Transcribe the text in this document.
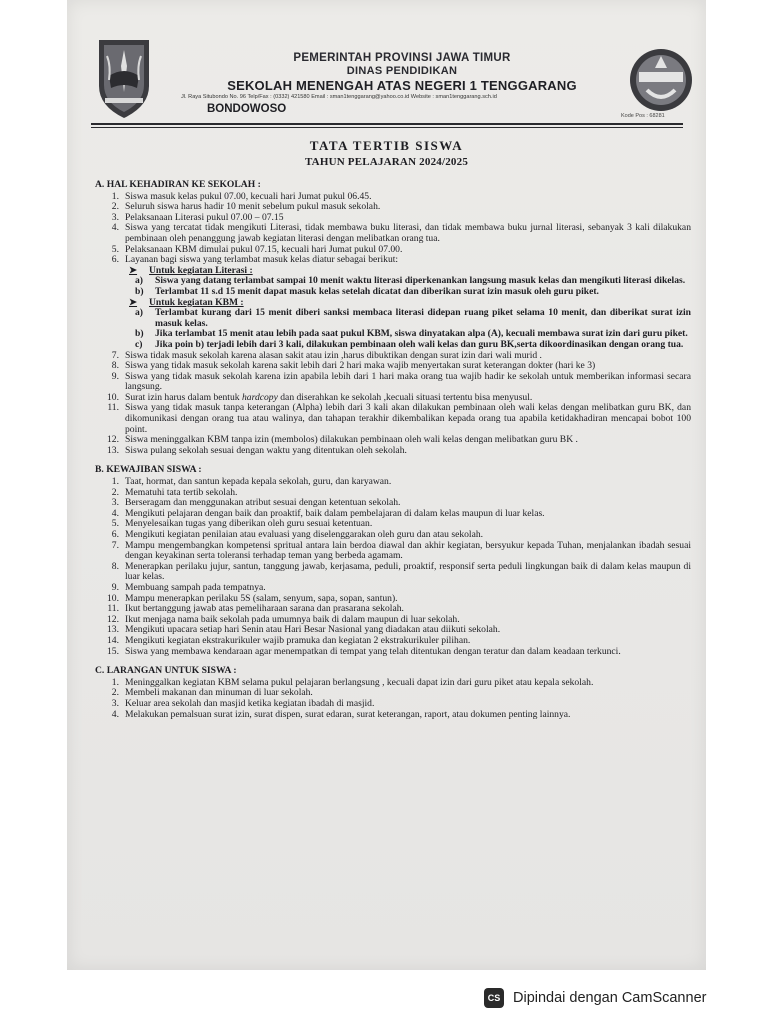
PEMERINTAH PROVINSI JAWA TIMUR
DINAS PENDIDIKAN
SEKOLAH MENENGAH ATAS NEGERI 1 TENGGARANG
Jl. Raya Situbondo No. 96 Telp/Fax : (0332) 421580 Email : sman1tenggarang@yahoo.co.id Website : sman1tenggarang.sch.id
BONDOWOSO
Kode Pos : 68281
TATA TERTIB SISWA
TAHUN PELAJARAN 2024/2025
A. HAL KEHADIRAN KE SEKOLAH :
1. Siswa masuk kelas pukul 07.00, kecuali hari Jumat pukul 06.45.
2. Seluruh siswa harus hadir 10 menit sebelum pukul masuk sekolah.
3. Pelaksanaan Literasi pukul 07.00 – 07.15
4. Siswa yang tercatat tidak mengikuti Literasi, tidak membawa buku literasi, dan tidak membawa buku jurnal literasi, sebanyak 3 kali dilakukan pembinaan oleh penanggung jawab kegiatan literasi dengan melibatkan orang tua.
5. Pelaksanaan KBM dimulai pukul 07.15, kecuali hari Jumat pukul 07.00.
6. Layanan bagi siswa yang terlambat masuk kelas diatur sebagai berikut:
➤	Untuk kegiatan Literasi :
a)	Siswa yang datang terlambat sampai 10 menit waktu literasi diperkenankan langsung masuk kelas dan mengikuti literasi dikelas.
b)	Terlambat 11 s.d 15 menit dapat masuk kelas setelah dicatat dan diberikan surat izin masuk oleh guru piket.
➤	Untuk kegiatan KBM :
a)	Terlambat kurang dari 15 menit diberi sanksi membaca literasi didepan ruang piket selama 10 menit, dan diberikat surat izin masuk kelas.
b)	Jika terlambat 15 menit atau lebih pada saat pukul KBM, siswa dinyatakan alpa (A), kecuali membawa surat izin dari guru piket.
c)	Jika poin b) terjadi lebih dari 3 kali, dilakukan pembinaan oleh wali kelas dan guru BK,serta dikoordinasikan dengan orang tua.
7. Siswa tidak masuk sekolah karena alasan sakit atau izin ,harus dibuktikan dengan surat izin dari wali murid .
8. Siswa yang tidak masuk sekolah karena sakit lebih dari 2 hari maka wajib menyertakan surat keterangan dokter (hari ke 3)
9. Siswa yang tidak masuk sekolah karena izin apabila lebih dari 1 hari maka orang tua wajib hadir ke sekolah untuk memberikan informasi secara langsung.
10. Surat izin harus dalam bentuk hardcopy dan diserahkan ke sekolah ,kecuali situasi tertentu bisa menyusul.
11. Siswa yang tidak masuk tanpa keterangan (Alpha) lebih dari 3 kali akan dilakukan pembinaan oleh wali kelas dengan melibatkan guru BK, dan dikomunikasi dengan orang tua atau walinya, dan tahapan terakhir dikembalikan kepada orang tua apabila ketidakhadiran mencapai bobot 100 point.
12. Siswa meninggalkan KBM tanpa izin (membolos) dilakukan pembinaan oleh wali kelas dengan melibatkan guru BK .
13. Siswa pulang sekolah sesuai dengan waktu yang ditentukan oleh sekolah.
B. KEWAJIBAN SISWA :
1. Taat, hormat, dan santun kepada kepala sekolah, guru, dan karyawan.
2. Mematuhi tata tertib sekolah.
3. Berseragam dan menggunakan atribut sesuai dengan ketentuan sekolah.
4. Mengikuti pelajaran dengan baik dan proaktif, baik dalam pembelajaran di dalam kelas maupun di luar kelas.
5. Menyelesaikan tugas yang diberikan oleh guru sesuai ketentuan.
6. Mengikuti kegiatan penilaian atau evaluasi yang diselenggarakan oleh guru dan atau sekolah.
7. Mampu mengembangkan kompetensi spritual antara lain berdoa diawal dan akhir kegiatan, bersyukur kepada Tuhan, menjalankan ibadah sesuai dengan keyakinan serta toleransi terhadap teman yang berbeda agamam.
8. Menerapkan perilaku jujur, santun, tanggung jawab, kerjasama, peduli, proaktif, responsif serta peduli lingkungan baik di dalam kelas maupun di luar kelas.
9. Membuang sampah pada tempatnya.
10. Mampu menerapkan perilaku 5S (salam, senyum, sapa, sopan, santun).
11. Ikut bertanggung jawab atas pemeliharaan sarana dan prasarana sekolah.
12. Ikut menjaga nama baik sekolah pada umumnya baik di dalam maupun di luar sekolah.
13. Mengikuti upacara setiap hari Senin atau Hari Besar Nasional yang diadakan atau diikuti sekolah.
14. Mengikuti kegiatan ekstrakurikuler wajib pramuka dan kegiatan 2 ekstrakurikuler pilihan.
15. Siswa yang membawa kendaraan agar menempatkan di tempat yang telah ditentukan dengan teratur dan dalam keadaan terkunci.
C. LARANGAN UNTUK SISWA :
1. Meninggalkan kegiatan KBM selama pukul pelajaran berlangsung , kecuali dapat izin dari guru piket atau kepala sekolah.
2. Membeli makanan dan minuman di luar sekolah.
3. Keluar area sekolah dan masjid ketika kegiatan ibadah di masjid.
4. Melakukan pemalsuan surat izin, surat dispen, surat edaran, surat keterangan, raport, atau dokumen penting lainnya.
CS Dipindai dengan CamScanner
